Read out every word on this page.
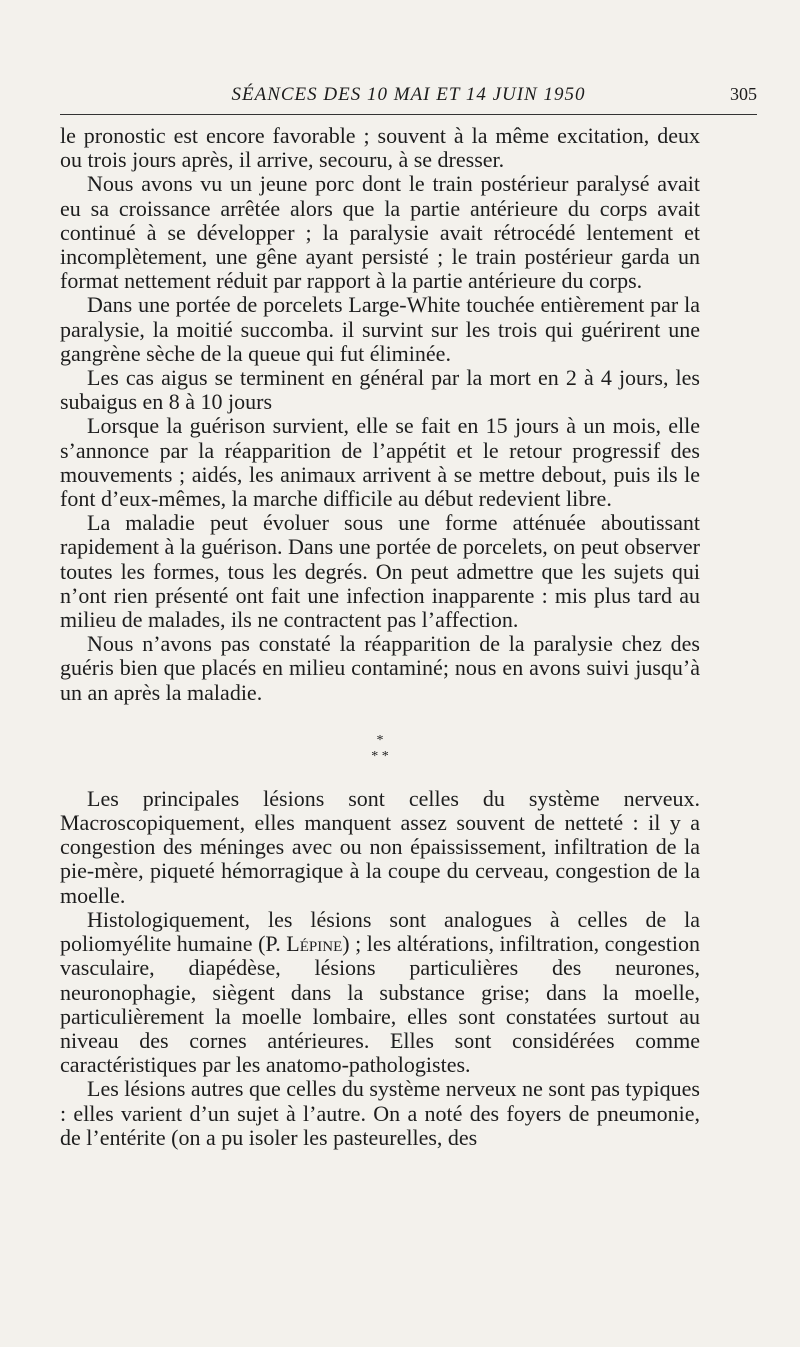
SÉANCES DES 10 MAI ET 14 JUIN 1950	305

le pronostic est encore favorable ; souvent à la même excitation, deux ou trois jours après, il arrive, secouru, à se dresser.

Nous avons vu un jeune porc dont le train postérieur paralysé avait eu sa croissance arrêtée alors que la partie antérieure du corps avait continué à se développer ; la paralysie avait rétrocédé lentement et incomplètement, une gêne ayant persisté ; le train postérieur garda un format nettement réduit par rapport à la partie antérieure du corps.

Dans une portée de porcelets Large-White touchée entièrement par la paralysie, la moitié succomba. il survint sur les trois qui guérirent une gangrène sèche de la queue qui fut éliminée.

Les cas aigus se terminent en général par la mort en 2 à 4 jours, les subaigus en 8 à 10 jours

Lorsque la guérison survient, elle se fait en 15 jours à un mois, elle s’annonce par la réapparition de l’appétit et le retour progressif des mouvements ; aidés, les animaux arrivent à se mettre debout, puis ils le font d’eux-mêmes, la marche difficile au début redevient libre.

La maladie peut évoluer sous une forme atténuée aboutissant rapidement à la guérison. Dans une portée de porcelets, on peut observer toutes les formes, tous les degrés. On peut admettre que les sujets qui n’ont rien présenté ont fait une infection inapparente : mis plus tard au milieu de malades, ils ne contractent pas l’affection.

Nous n’avons pas constaté la réapparition de la paralysie chez des guéris bien que placés en milieu contaminé; nous en avons suivi jusqu’à un an après la maladie.

*
* *

Les principales lésions sont celles du système nerveux. Macroscopiquement, elles manquent assez souvent de netteté : il y a congestion des méninges avec ou non épaississement, infiltration de la pie-mère, piqueté hémorragique à la coupe du cerveau, congestion de la moelle.

Histologiquement, les lésions sont analogues à celles de la poliomyélite humaine (P. Lépine) ; les altérations, infiltration, congestion vasculaire, diapédèse, lésions particulières des neurones, neuronophagie, siègent dans la substance grise; dans la moelle, particulièrement la moelle lombaire, elles sont constatées surtout au niveau des cornes antérieures. Elles sont considérées comme caractéristiques par les anatomo-pathologistes.

Les lésions autres que celles du système nerveux ne sont pas typiques : elles varient d’un sujet à l’autre. On a noté des foyers de pneumonie, de l’entérite (on a pu isoler les pasteurelles, des
